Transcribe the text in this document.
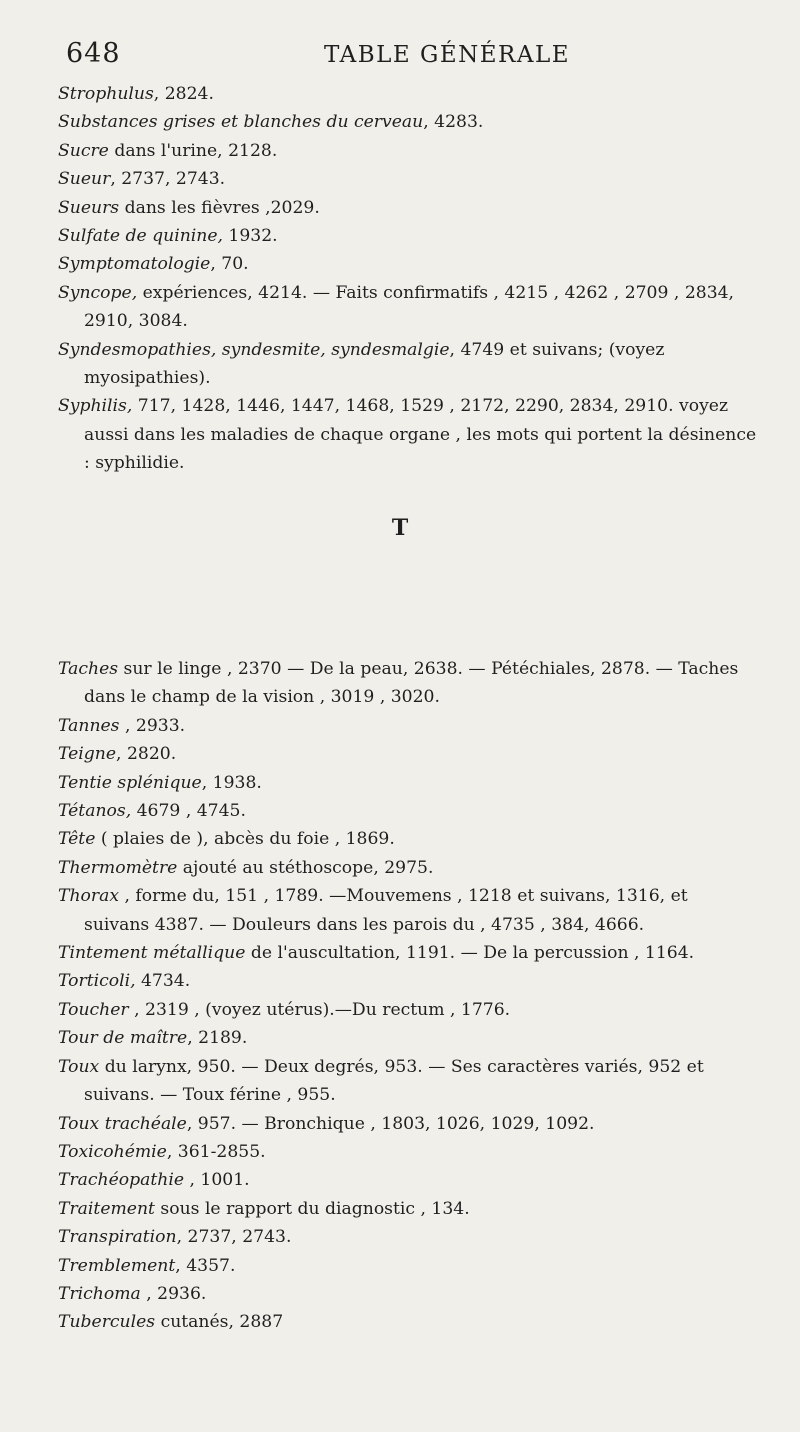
648	TABLE GÉNÉRALE

Strophulus, 2824.

Substances grises et blanches du cerveau, 4283.

Sucre dans l'urine, 2128.

Sueur, 2737, 2743.

Sueurs dans les fièvres ,2029.

Sulfate de quinine, 1932.

Symptomatologie, 70.

Syncope, expériences, 4214. — Faits confirmatifs , 4215 , 4262 , 2709 , 2834, 2910, 3084.

Syndesmopathies, syndesmite, syndesmalgie, 4749 et suivans; (voyez myosipathies).

Syphilis, 717, 1428, 1446, 1447, 1468, 1529 , 2172, 2290, 2834, 2910. voyez aussi dans les maladies de chaque organe , les mots qui portent la désinence : syphilidie.

T

Taches sur le linge , 2370 — De la peau, 2638. — Pétéchiales, 2878. — Taches dans le champ de la vision , 3019 , 3020.

Tannes , 2933.

Teigne, 2820.

Tentie splénique, 1938.

Tétanos, 4679 , 4745.

Tête ( plaies de ), abcès du foie , 1869.

Thermomètre ajouté au stéthoscope, 2975.

Thorax , forme du, 151 , 1789. —Mouvemens , 1218 et suivans, 1316, et suivans 4387. — Douleurs dans les parois du , 4735 , 384, 4666.

Tintement métallique de l'auscultation, 1191. — De la percussion , 1164.

Torticoli, 4734.

Toucher , 2319 , (voyez utérus).—Du rectum , 1776.

Tour de maître, 2189.

Toux du larynx, 950. — Deux degrés, 953. — Ses caractères variés, 952 et suivans. — Toux férine , 955.

Toux trachéale, 957. — Bronchique , 1803, 1026, 1029, 1092.

Toxicohémie, 361-2855.

Trachéopathie , 1001.

Traitement sous le rapport du diagnostic , 134.

Transpiration, 2737, 2743.

Tremblement, 4357.

Trichoma , 2936.

Tubercules cutanés, 2887
